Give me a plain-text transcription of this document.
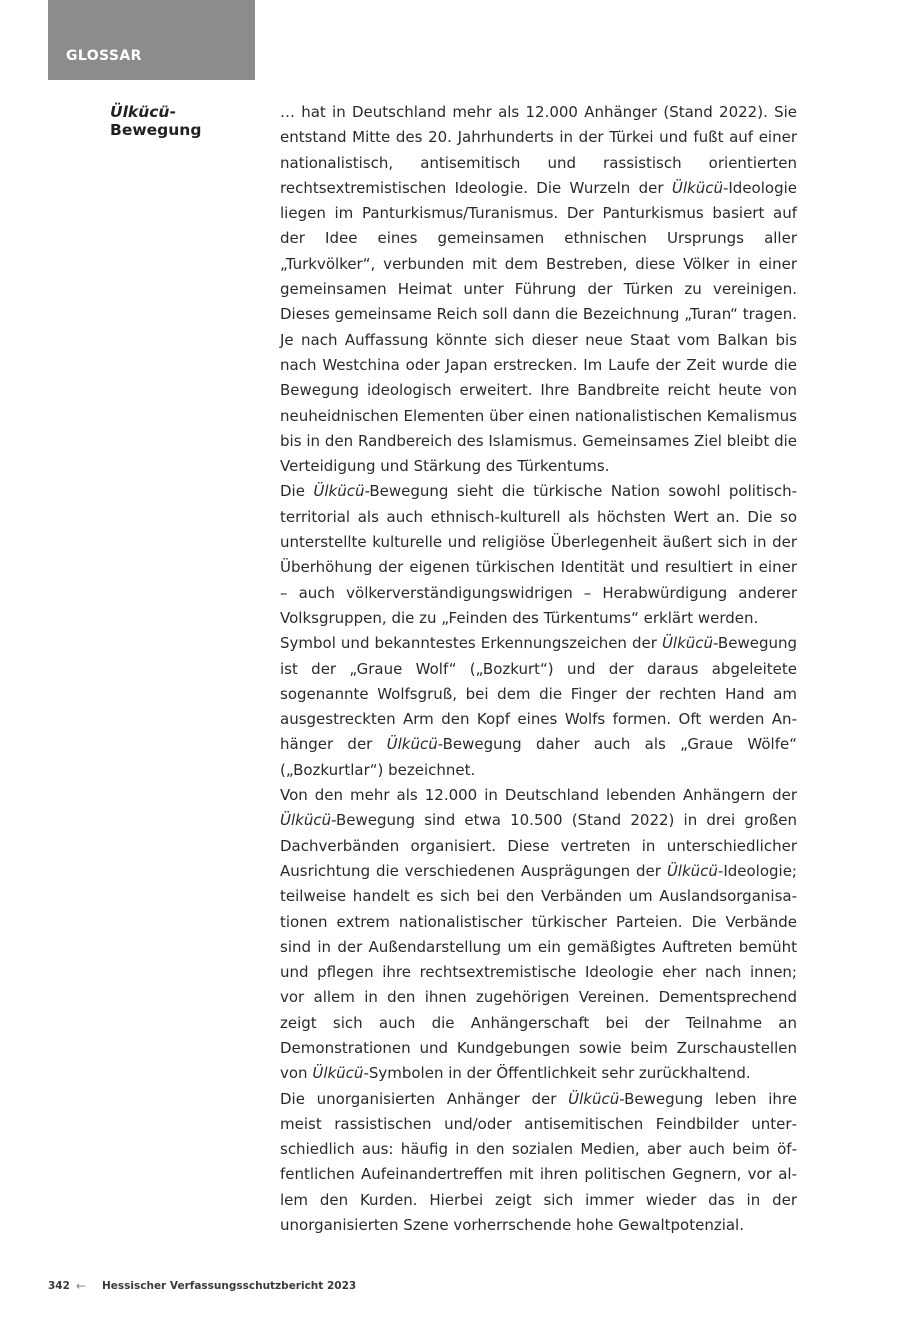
GLOSSAR
Ülkücü-Bewegung

… hat in Deutschland mehr als 12.000 Anhänger (Stand 2022). Sie entstand Mitte des 20. Jahrhunderts in der Türkei und fußt auf einer nationalistisch, antisemitisch und rassistisch orientierten rechtsextremistischen Ideologie. Die Wurzeln der Ülkücü-Ideologie liegen im Panturkismus/Turanismus. Der Panturkismus basiert auf der Idee eines gemeinsamen ethnischen Ursprungs aller „Turkvölker“, verbunden mit dem Bestreben, diese Völker in einer gemeinsamen Heimat unter Führung der Türken zu vereinigen. Dieses gemeinsame Reich soll dann die Bezeichnung „Turan“ tragen. Je nach Auffassung könnte sich dieser neue Staat vom Balkan bis nach Westchina oder Japan erstrecken. Im Laufe der Zeit wurde die Bewegung ideologisch erweitert. Ihre Bandbreite reicht heute von neuheidnischen Elementen über einen nationalistischen Kemalismus bis in den Randbereich des Islamismus. Gemeinsames Ziel bleibt die Verteidigung und Stärkung des Türkentums.

Die Ülkücü-Bewegung sieht die türkische Nation sowohl politisch-territorial als auch ethnisch-kulturell als höchsten Wert an. Die so unterstellte kulturelle und religiöse Überlegenheit äußert sich in der Überhöhung der eigenen türkischen Identität und resultiert in einer – auch völkerverständigungswidrigen – Herabwürdigung anderer Volksgruppen, die zu „Feinden des Türkentums“ erklärt werden.

Symbol und bekanntestes Erkennungszeichen der Ülkücü-Bewegung ist der „Graue Wolf“ („Bozkurt“) und der daraus abgeleitete sogenannte Wolfsgruß, bei dem die Finger der rechten Hand am ausgestreckten Arm den Kopf eines Wolfs formen. Oft werden Anhänger der Ülkücü-Bewegung daher auch als „Graue Wölfe“ („Bozkurtlar“) bezeichnet.

Von den mehr als 12.000 in Deutschland lebenden Anhängern der Ülkücü-Bewegung sind etwa 10.500 (Stand 2022) in drei großen Dachverbänden organisiert. Diese vertreten in unterschiedlicher Ausrichtung die verschiedenen Ausprägungen der Ülkücü-Ideologie; teilweise handelt es sich bei den Verbänden um Auslandsorganisationen extrem nationalistischer türkischer Parteien. Die Verbände sind in der Außendarstellung um ein gemäßigtes Auftreten bemüht und pflegen ihre rechtsextremistische Ideologie eher nach innen; vor allem in den ihnen zugehörigen Vereinen. Dementsprechend zeigt sich auch die Anhängerschaft bei der Teilnahme an Demonstrationen und Kundgebungen sowie beim Zurschaustellen von Ülkücü-Symbolen in der Öffentlichkeit sehr zurückhaltend.

Die unorganisierten Anhänger der Ülkücü-Bewegung leben ihre meist rassistischen und/oder antisemitischen Feindbilder unterschiedlich aus: häufig in den sozialen Medien, aber auch beim öffentlichen Aufeinandertreffen mit ihren politischen Gegnern, vor allem den Kurden. Hierbei zeigt sich immer wieder das in der unorganisierten Szene vorherrschende hohe Gewaltpotenzial.

342 ← Hessischer Verfassungsschutzbericht 2023
